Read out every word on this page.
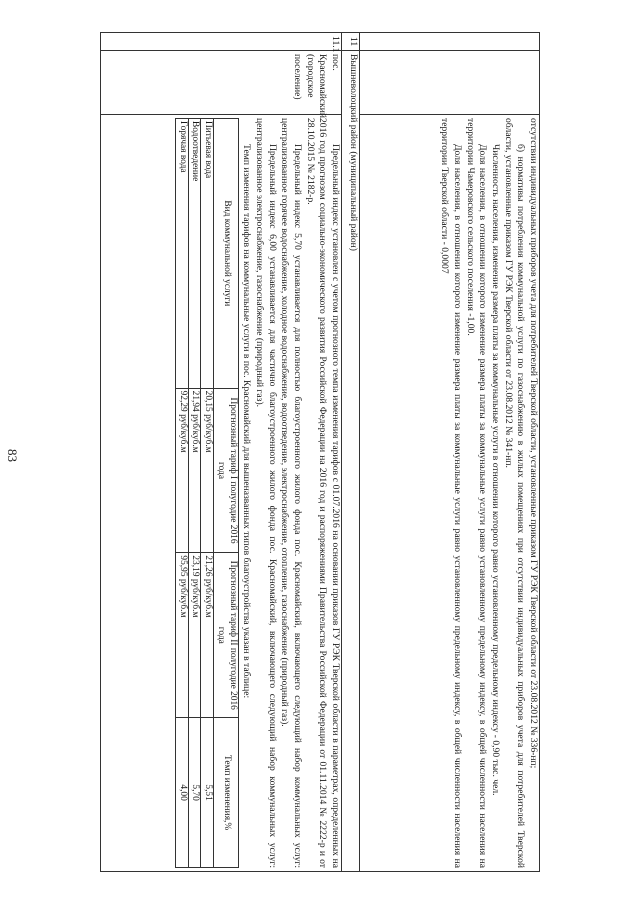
83
			отсутствии индивидуальных приборов учета для потребителей Тверской области, установленные приказом ГУ РЭК Тверской области от 23.08.2012 № 336-нп;

б) нормативы потребления коммунальной услуги по газоснабжению в жилых помещениях при отсутствии индивидуальных приборов учета для потребителей Тверской области, установленные приказом ГУ РЭК Тверской области от 23.08.2012 № 341-нп.

Численность населения, изменение размера платы за коммунальные услуги в отношении которого равно установленному предельному индексу - 0,90 тыс. чел.

Доля населения, в отношении которого изменение размера платы за коммунальные услуги равно установленному предельному индексу, в общей численности населения на территории Чамеровского сельского поселения -1,00.

Доля населения, в отношении которого изменение размера платы за коммунальные услуги равно установленному предельному индексу, в общей численности населения на территории Тверской области - 0,0007

11	Вышневолоцкий район (муниципальный район)
11.1	пос. Красномайский (городское поселение)	

Предельный индекс установлен с учетом прогнозного темпа изменения тарифов с 01.07.2016 на основании приказов ГУ РЭК Тверской области в параметрах, определенных на 2016 год прогнозом социально-экономического развития Российской Федерации на 2016 год и распоряжениями Правительства Российской Федерации от 01.11.2014 № 2222-р и от 28.10.2015 № 2182-р.

Предельный индекс 5,70 устанавливается для полностью благоустроенного жилого фонда пос. Красномайский, включающего следующий набор коммунальных услуг: централизованное горячее водоснабжение, холодное водоснабжение, водоотведение, электроснабжение, отопление, газоснабжение (природный газ).

Предельный индекс 6,00 устанавливается для частично благоустроенного жилого фонда пос. Красномайский, включающего следующий набор коммунальных услуг: централизованное электроснабжение, газоснабжение (природный газ).

Темп изменения тарифов на коммунальные услуги в пос. Красномайский для вышеназванных типов благоустройства указан в таблице:

Вид коммунальной услуги	Прогнозный тариф I полугодие 2016 года	Прогнозный тариф II полугодие 2016 года	Темп изменения,%
Питьевая вода	20,15 руб/куб.м	21,26 руб/куб.м	5,51
Водоотведение	21,94 руб/куб.м	23,19 руб/куб.м	5,70
Горячая вода	92,29 руб/куб.м	95,95 руб/куб.м	4,00
